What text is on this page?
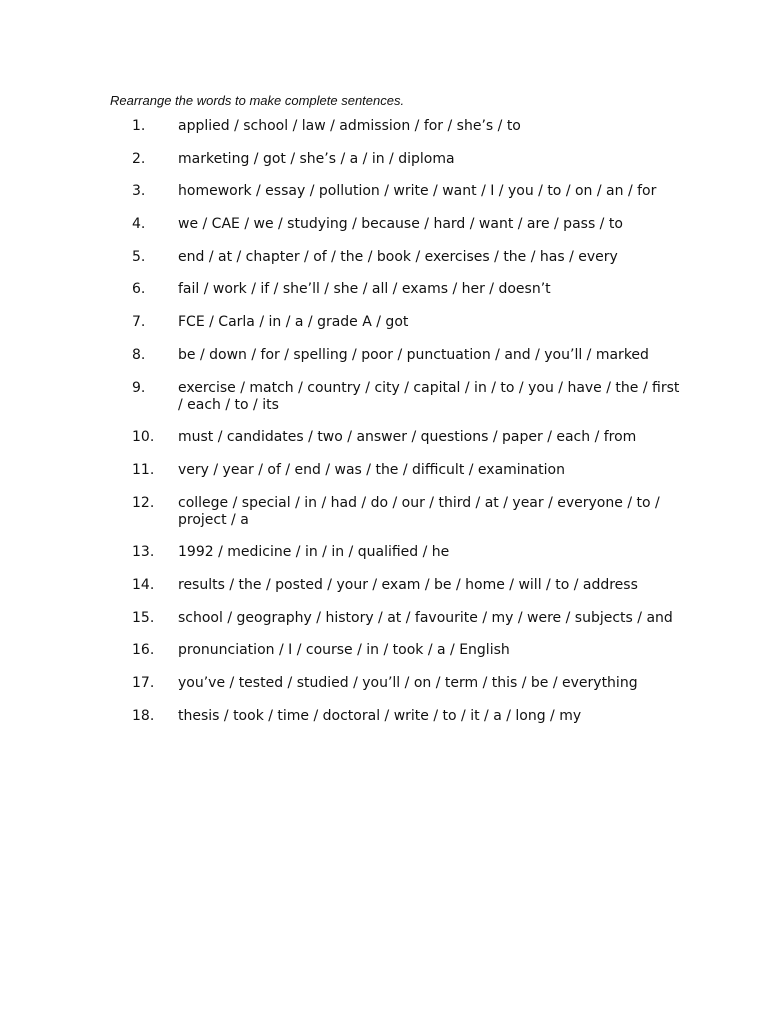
Rearrange the words to make complete sentences.

1.	applied / school / law / admission / for / she’s / to
2.	marketing / got / she’s / a / in / diploma
3.	homework / essay / pollution / write / want / I / you / to / on / an / for
4.	we / CAE / we / studying / because / hard / want / are / pass / to
5.	end / at / chapter / of / the / book / exercises / the / has / every
6.	fail / work / if / she’ll / she / all / exams / her / doesn’t
7.	FCE / Carla / in / a / grade A / got
8.	be / down / for / spelling / poor / punctuation / and / you’ll / marked
9.	exercise / match / country / city / capital / in / to / you / have / the / first / each / to / its
10.	must / candidates / two / answer / questions / paper / each / from
11.	very / year / of / end / was / the / difficult / examination
12.	college / special / in / had / do / our / third / at / year / everyone / to / project / a
13.	1992 / medicine / in / in / qualified / he
14.	results / the / posted / your / exam / be / home / will / to / address
15.	school / geography / history / at / favourite / my / were / subjects / and
16.	pronunciation / I / course / in / took / a / English
17.	you’ve / tested / studied / you’ll / on / term / this / be / everything
18.	thesis / took / time / doctoral / write / to / it / a / long / my
